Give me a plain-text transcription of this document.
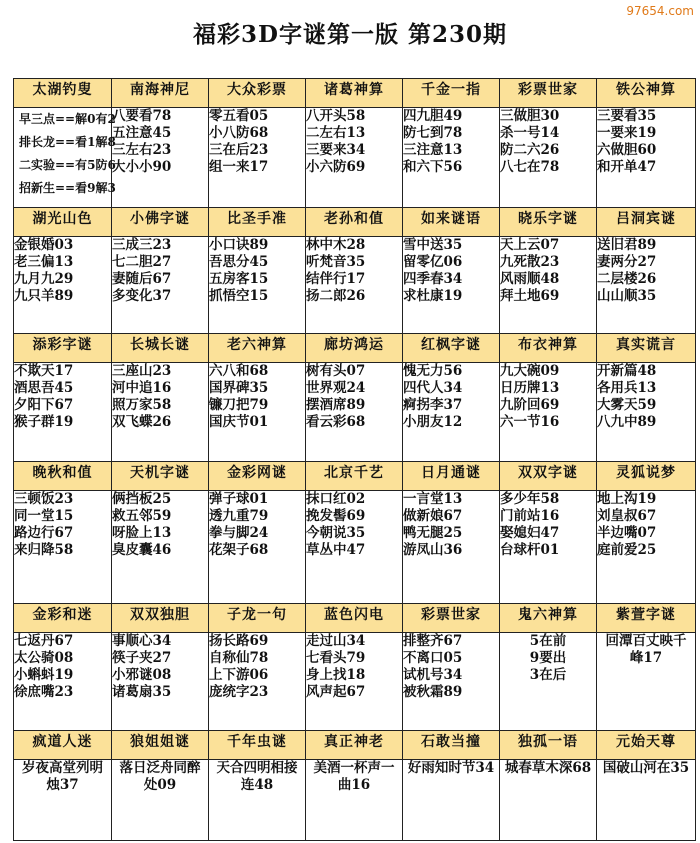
97654.com
福彩3D字谜第一版 第230期
太湖钓叟	南海神尼	大众彩票	诸葛神算	千金一指	彩票世家	铁公神算

早三点==解0有2
排长龙==看1解8
二实验==有5防6
招新生==看9解3	八要看78
五注意45
三左右23
大小小90	零五看05
小八防68
三在后23
组一来17	八开头58
二左右13
三要来34
小六防69	四九胆49
防七到78
三注意13
和六下56	三做胆30
杀一号14
防二六26
八七在78	三要看35
一要来19
六做胆60
和开单47

湖光山色	小佛字谜	比圣手准	老孙和值	如来谜语	晓乐字谜	吕洞宾谜

金银婚03
老三偏13
九月九29
九只羊89	三成三23
七二胆27
妻随后67
多变化37	小口诀89
吾思分45
五房客15
抓悟空15	林中木28
听梵音35
结伴行17
扬二郎26	雪中送35
留零亿06
四季春34
求杜康19	天上云07
九死散23
风雨顺48
拜土地69	送旧君89
妻两分27
二层楼26
山山顺35

添彩字谜	长城长谜	老六神算	廊坊鸿运	红枫字谜	布衣神算	真实谎言

不欺天17
酒思吾45
夕阳下67
猴子群19	三座山23
河中追16
照万家58
双飞蝶26	六八和68
国界碑35
镰刀把79
国庆节01	树有头07
世界观24
摆酒席89
看云彩68	愧无力56
四代人34
痾拐李37
小朋友12	九大碗09
日历牌13
九阶回69
六一节16	开新篇48
各用兵13
大雾天59
八九中89

晚秋和值	天机字谜	金彩网谜	北京千艺	日月通谜	双双字谜	灵狐说梦

三顿饭23
同一堂15
路边行67
来归降58	俩挡板25
救五邻59
呀脸上13
臭皮囊46	弹子球01
透九重79
拳与脚24
花架子68	抹口红02
挽发髻69
今朝说35
草丛中47	一言堂13
做新娘67
鸭无腿25
游凤山36	多少年58
门前站16
娶媳妇47
台球杆01	地上沟19
刘皇叔67
半边嘴07
庭前爱25

金彩和迷	双双独胆	子龙一句	蓝色闪电	彩票世家	鬼六神算	紫萱字谜

七返丹67
太公骑08
小蝌蚪19
徐庶嘴23	事顺心34
筷子夹27
小邪谜08
诸葛扇35	扬长路69
自称仙78
上下游06
庞统字23	走过山34
七看头79
身上找18
风声起67	排整齐67
不离口05
试机号34
被秋霜89	5在前
9要出
3在后	回潭百丈映千峰17

疯道人迷	狼姐姐谜	千年虫谜	真正神老	石敢当撞	独孤一语	元始天尊

岁夜高堂列明烛37	落日泛舟同醉处09	天合四明相接连48	美酒一杯声一曲16	好雨知时节34	城春草木深68	国破山河在35
